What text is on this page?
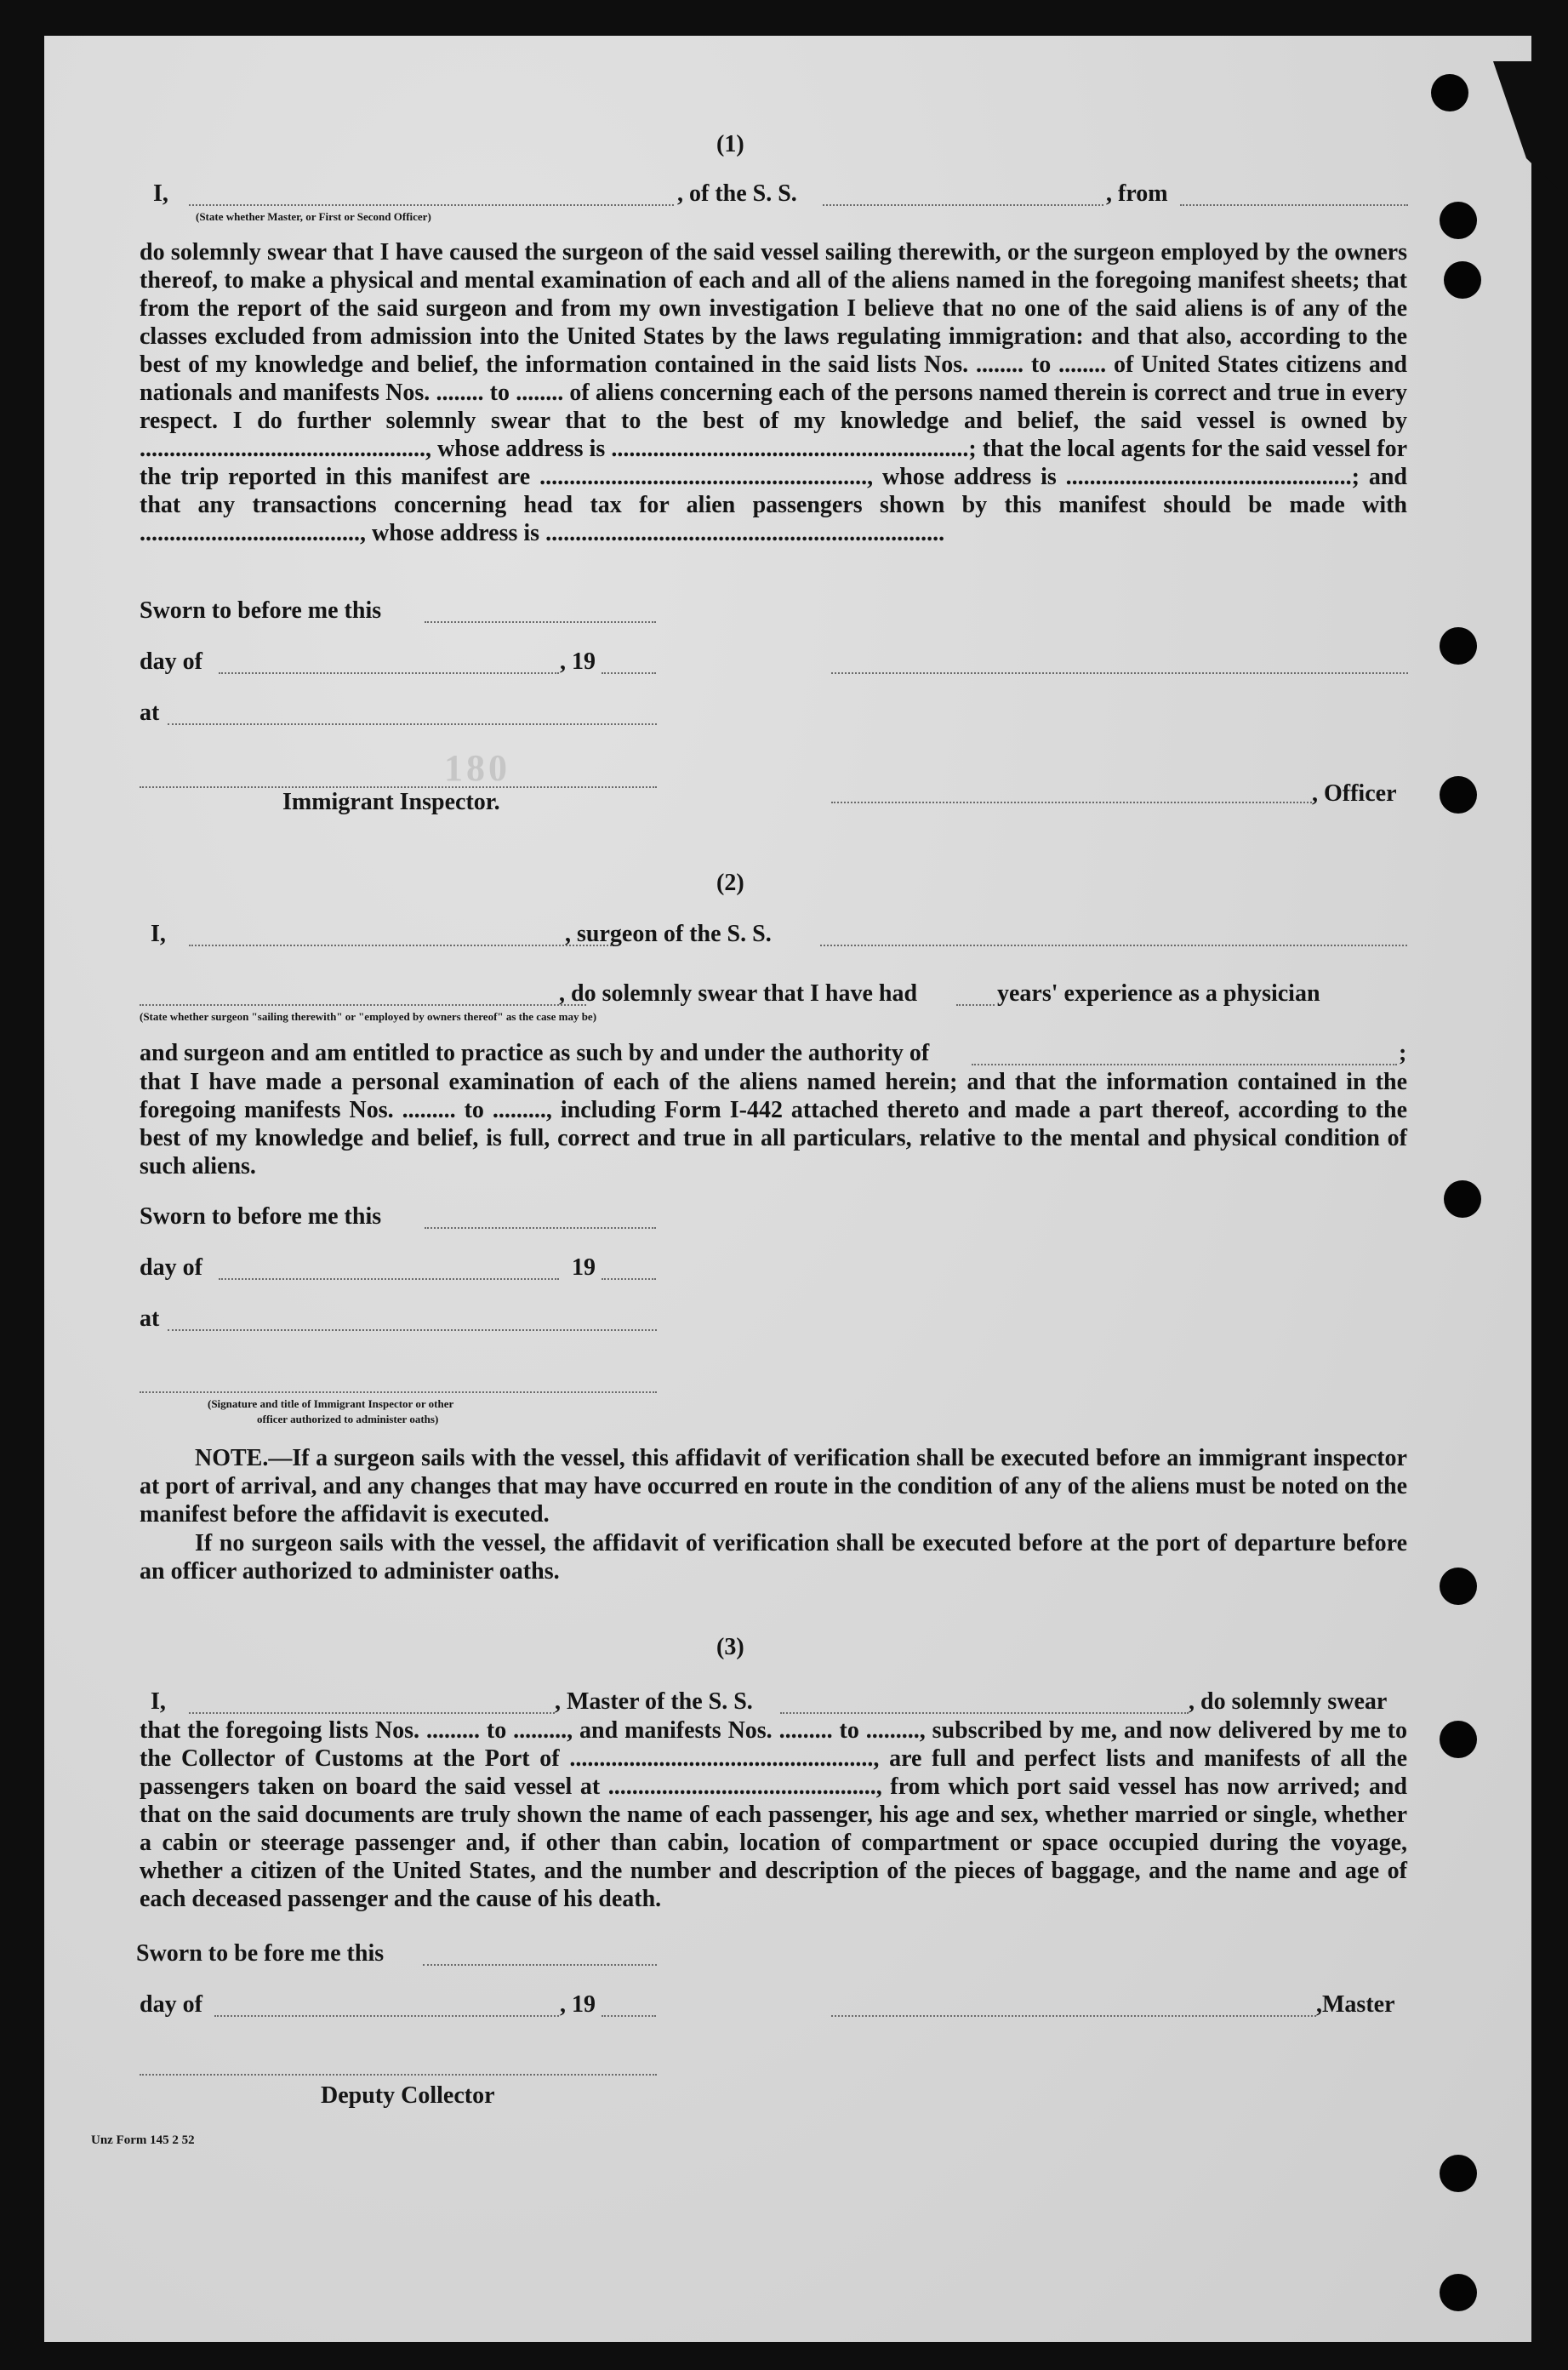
180
(1)
I,	, of the S. S.	, from
(State whether Master, or First or Second Officer)
do solemnly swear that I have caused the surgeon of the said vessel sailing therewith, or the surgeon employed by the owners thereof, to make a physical and mental examination of each and all of the aliens named in the foregoing manifest sheets; that from the report of the said surgeon and from my own investigation I believe that no one of the said aliens is of any of the classes excluded from admission into the United States by the laws regulating immigration: and that also, according to the best of my knowledge and belief, the information contained in the said lists Nos. ........ to ........ of United States citizens and nationals and manifests Nos. ........ to ........ of aliens concerning each of the persons named therein is correct and true in every respect. I do further solemnly swear that to the best of my knowledge and belief, the said vessel is owned by ................................................, whose address is ............................................................; that the local agents for the said vessel for the trip reported in this manifest are ......................................................., whose address is ................................................; and that any transactions concerning head tax for alien passengers shown by this manifest should be made with ....................................., whose address is ...................................................................
Sworn to before me this
day of	, 19
at
Immigrant Inspector.	, Officer
(2)
I,	, surgeon of the S. S.
, do solemnly swear that I have had	years' experience as a physician
(State whether surgeon "sailing therewith" or "employed by owners thereof" as the case may be)
and surgeon and am entitled to practice as such by and under the authority of	;
that I have made a personal examination of each of the aliens named herein; and that the information contained in the foregoing manifests Nos. ......... to ........., including Form I-442 attached thereto and made a part thereof, according to the best of my knowledge and belief, is full, correct and true in all particulars, relative to the mental and physical condition of such aliens.
Sworn to before me this
day of	19
at
(Signature and title of Immigrant Inspector or other
officer authorized to administer oaths)
NOTE.—If a surgeon sails with the vessel, this affidavit of verification shall be executed before an immigrant inspector at port of arrival, and any changes that may have occurred en route in the condition of any of the aliens must be noted on the manifest before the affidavit is executed.
If no surgeon sails with the vessel, the affidavit of verification shall be executed before at the port of departure before an officer authorized to administer oaths.
(3)
I,	, Master of the S. S.	, do solemnly swear
that the foregoing lists Nos. ......... to ........., and manifests Nos. ......... to ........., subscribed by me, and now delivered by me to the Collector of Customs at the Port of ..................................................., are full and perfect lists and manifests of all the passengers taken on board the said vessel at ............................................., from which port said vessel has now arrived; and that on the said documents are truly shown the name of each passenger, his age and sex, whether married or single, whether a cabin or steerage passenger and, if other than cabin, location of compartment or space occupied during the voyage, whether a citizen of the United States, and the number and description of the pieces of baggage, and the name and age of each deceased passenger and the cause of his death.
Sworn to be fore me this
day of	, 19	,Master
Deputy Collector
Unz Form 145 2 52
